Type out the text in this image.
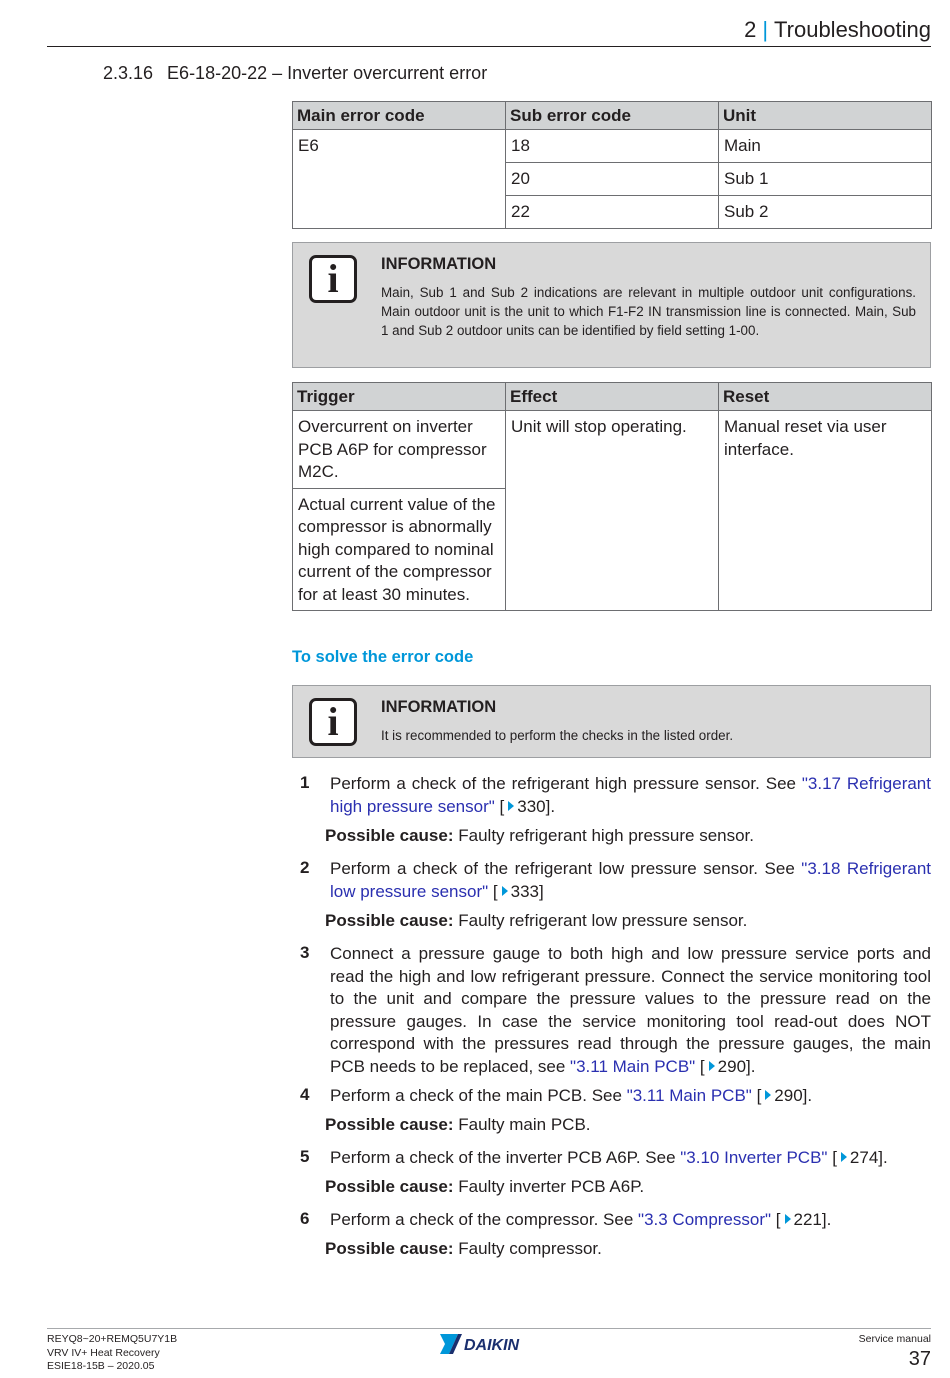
2 | Troubleshooting
2.3.16 E6-18-20-22 – Inverter overcurrent error
Main error code	Sub error code	Unit
E6	18	Main
	20	Sub 1
	22	Sub 2
i	INFORMATION
Main, Sub 1 and Sub 2 indications are relevant in multiple outdoor unit configurations. Main outdoor unit is the unit to which F1-F2 IN transmission line is connected. Main, Sub 1 and Sub 2 outdoor units can be identified by field setting 1-00.
Trigger	Effect	Reset
Overcurrent on inverter PCB A6P for compressor M2C.	Unit will stop operating.	Manual reset via user interface.
Actual current value of the compressor is abnormally high compared to nominal current of the compressor for at least 30 minutes.		
To solve the error code
i	INFORMATION
It is recommended to perform the checks in the listed order.
1 Perform a check of the refrigerant high pressure sensor. See "3.17 Refrigerant high pressure sensor" [ 330].
Possible cause: Faulty refrigerant high pressure sensor.
2 Perform a check of the refrigerant low pressure sensor. See "3.18 Refrigerant low pressure sensor" [ 333]
Possible cause: Faulty refrigerant low pressure sensor.
3 Connect a pressure gauge to both high and low pressure service ports and read the high and low refrigerant pressure. Connect the service monitoring tool to the unit and compare the pressure values to the pressure read on the pressure gauges. In case the service monitoring tool read-out does NOT correspond with the pressures read through the pressure gauges, the main PCB needs to be replaced, see "3.11 Main PCB" [ 290].
4 Perform a check of the main PCB. See "3.11 Main PCB" [ 290].
Possible cause: Faulty main PCB.
5 Perform a check of the inverter PCB A6P. See "3.10 Inverter PCB" [ 274].
Possible cause: Faulty inverter PCB A6P.
6 Perform a check of the compressor. See "3.3 Compressor" [ 221].
Possible cause: Faulty compressor.
REYQ8~20+REMQ5U7Y1B
VRV IV+ Heat Recovery
ESIE18-15B – 2020.05
DAIKIN	Service manual
37
